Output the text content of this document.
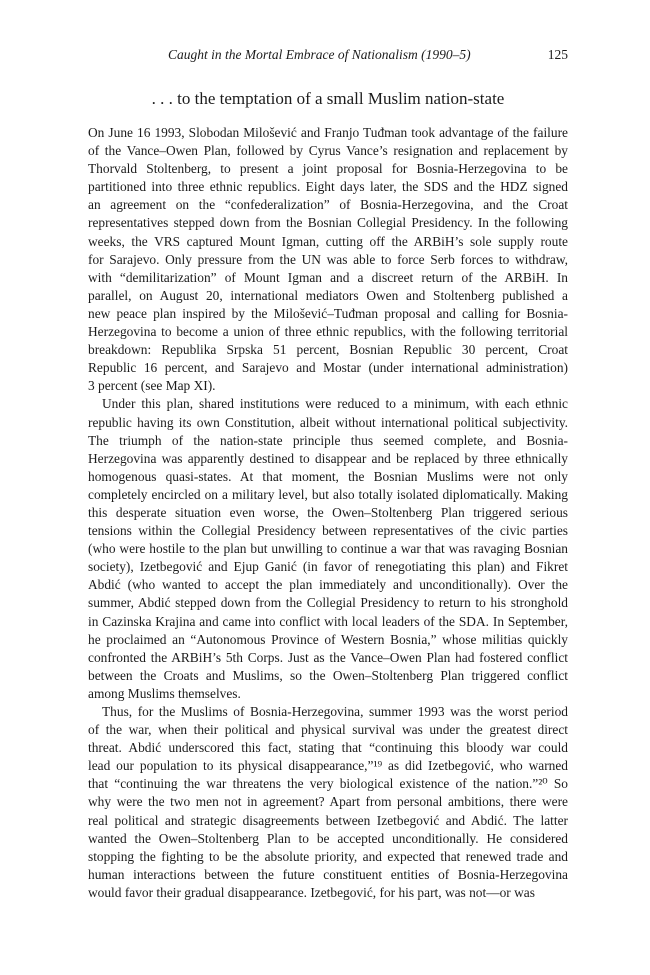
Caught in the Mortal Embrace of Nationalism (1990–5)	125
. . . to the temptation of a small Muslim nation-state
On June 16 1993, Slobodan Milošević and Franjo Tuđman took advantage of the failure
of the Vance–Owen Plan, followed by Cyrus Vance’s resignation and replacement by
Thorvald Stoltenberg, to present a joint proposal for Bosnia-Herzegovina to be
partitioned into three ethnic republics. Eight days later, the SDS and the HDZ signed
an agreement on the “confederalization” of Bosnia-Herzegovina, and the Croat
representatives stepped down from the Bosnian Collegial Presidency. In the following
weeks, the VRS captured Mount Igman, cutting off the ARBiH’s sole supply route
for Sarajevo. Only pressure from the UN was able to force Serb forces to withdraw,
with “demilitarization” of Mount Igman and a discreet return of the ARBiH. In
parallel, on August 20, international mediators Owen and Stoltenberg published a
new peace plan inspired by the Milošević–Tuđman proposal and calling for Bosnia-
Herzegovina to become a union of three ethnic republics, with the following territorial
breakdown: Republika Srpska 51 percent, Bosnian Republic 30 percent, Croat
Republic 16 percent, and Sarajevo and Mostar (under international administration)
3 percent (see Map XI).
Under this plan, shared institutions were reduced to a minimum, with each ethnic
republic having its own Constitution, albeit without international political subjectivity.
The triumph of the nation-state principle thus seemed complete, and Bosnia-
Herzegovina was apparently destined to disappear and be replaced by three ethnically
homogenous quasi-states. At that moment, the Bosnian Muslims were not only
completely encircled on a military level, but also totally isolated diplomatically. Making
this desperate situation even worse, the Owen–Stoltenberg Plan triggered serious
tensions within the Collegial Presidency between representatives of the civic parties
(who were hostile to the plan but unwilling to continue a war that was ravaging Bosnian
society), Izetbegović and Ejup Ganić (in favor of renegotiating this plan) and Fikret
Abdić (who wanted to accept the plan immediately and unconditionally). Over the
summer, Abdić stepped down from the Collegial Presidency to return to his stronghold
in Cazinska Krajina and came into conflict with local leaders of the SDA. In September,
he proclaimed an “Autonomous Province of Western Bosnia,” whose militias quickly
confronted the ARBiH’s 5th Corps. Just as the Vance–Owen Plan had fostered conflict
between the Croats and Muslims, so the Owen–Stoltenberg Plan triggered conflict
among Muslims themselves.
Thus, for the Muslims of Bosnia-Herzegovina, summer 1993 was the worst period
of the war, when their political and physical survival was under the greatest direct
threat. Abdić underscored this fact, stating that “continuing this bloody war could
lead our population to its physical disappearance,”¹⁹ as did Izetbegović, who warned
that “continuing the war threatens the very biological existence of the nation.”²⁰ So
why were the two men not in agreement? Apart from personal ambitions, there were
real political and strategic disagreements between Izetbegović and Abdić. The latter
wanted the Owen–Stoltenberg Plan to be accepted unconditionally. He considered
stopping the fighting to be the absolute priority, and expected that renewed trade and
human interactions between the future constituent entities of Bosnia-Herzegovina
would favor their gradual disappearance. Izetbegović, for his part, was not—or was
